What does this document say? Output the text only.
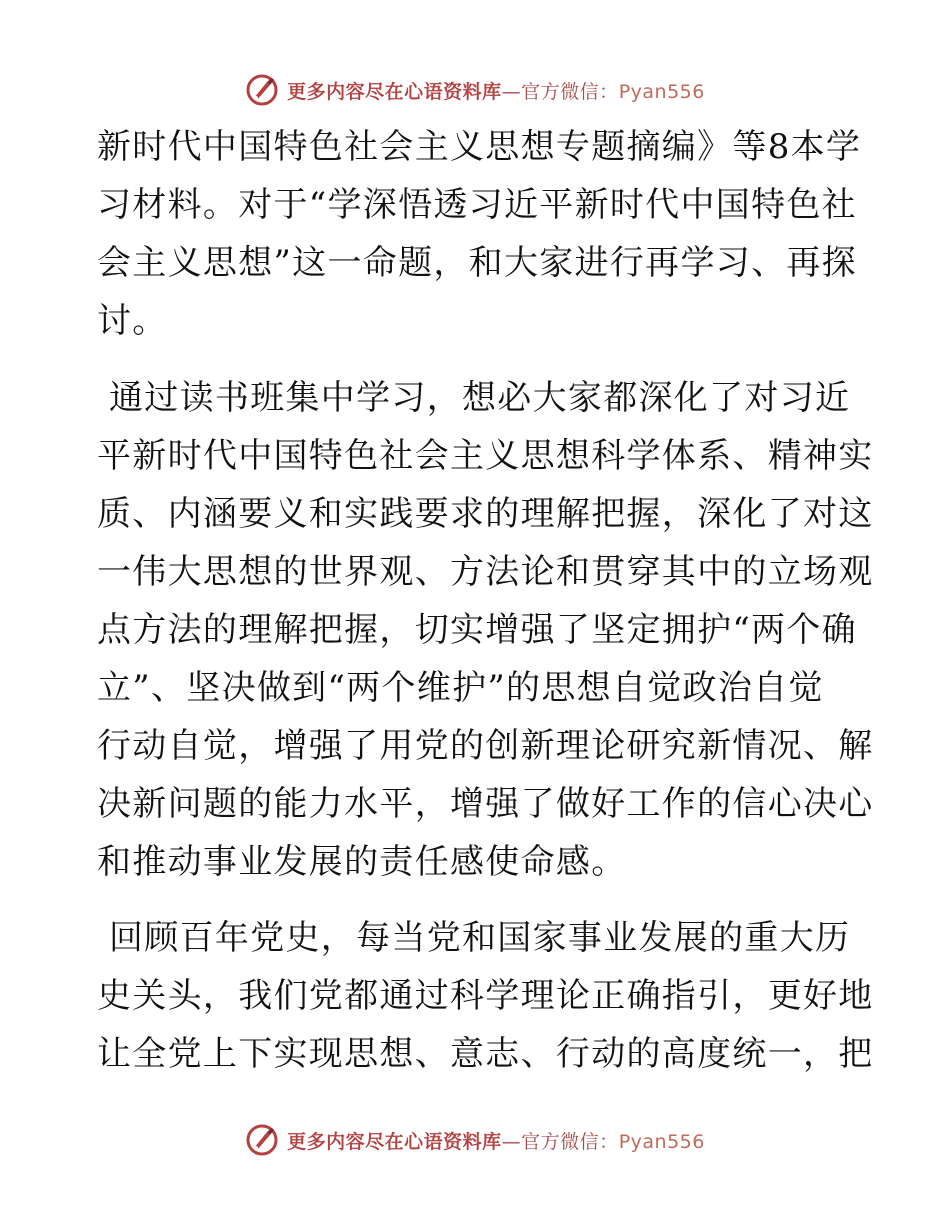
更多内容尽在心语资料库—官方微信：Pyan556
新时代中国特色社会主义思想专题摘编》等8本学
习材料。对于“学深悟透习近平新时代中国特色社
会主义思想”这一命题，和大家进行再学习、再探
讨。
通过读书班集中学习，想必大家都深化了对习近
平新时代中国特色社会主义思想科学体系、精神实
质、内涵要义和实践要求的理解把握，深化了对这
一伟大思想的世界观、方法论和贯穿其中的立场观
点方法的理解把握，切实增强了坚定拥护“两个确
立”、坚决做到“两个维护”的思想自觉政治自觉
行动自觉，增强了用党的创新理论研究新情况、解
决新问题的能力水平，增强了做好工作的信心决心
和推动事业发展的责任感使命感。
回顾百年党史，每当党和国家事业发展的重大历
史关头，我们党都通过科学理论正确指引，更好地
让全党上下实现思想、意志、行动的高度统一，把
更多内容尽在心语资料库—官方微信：Pyan556
